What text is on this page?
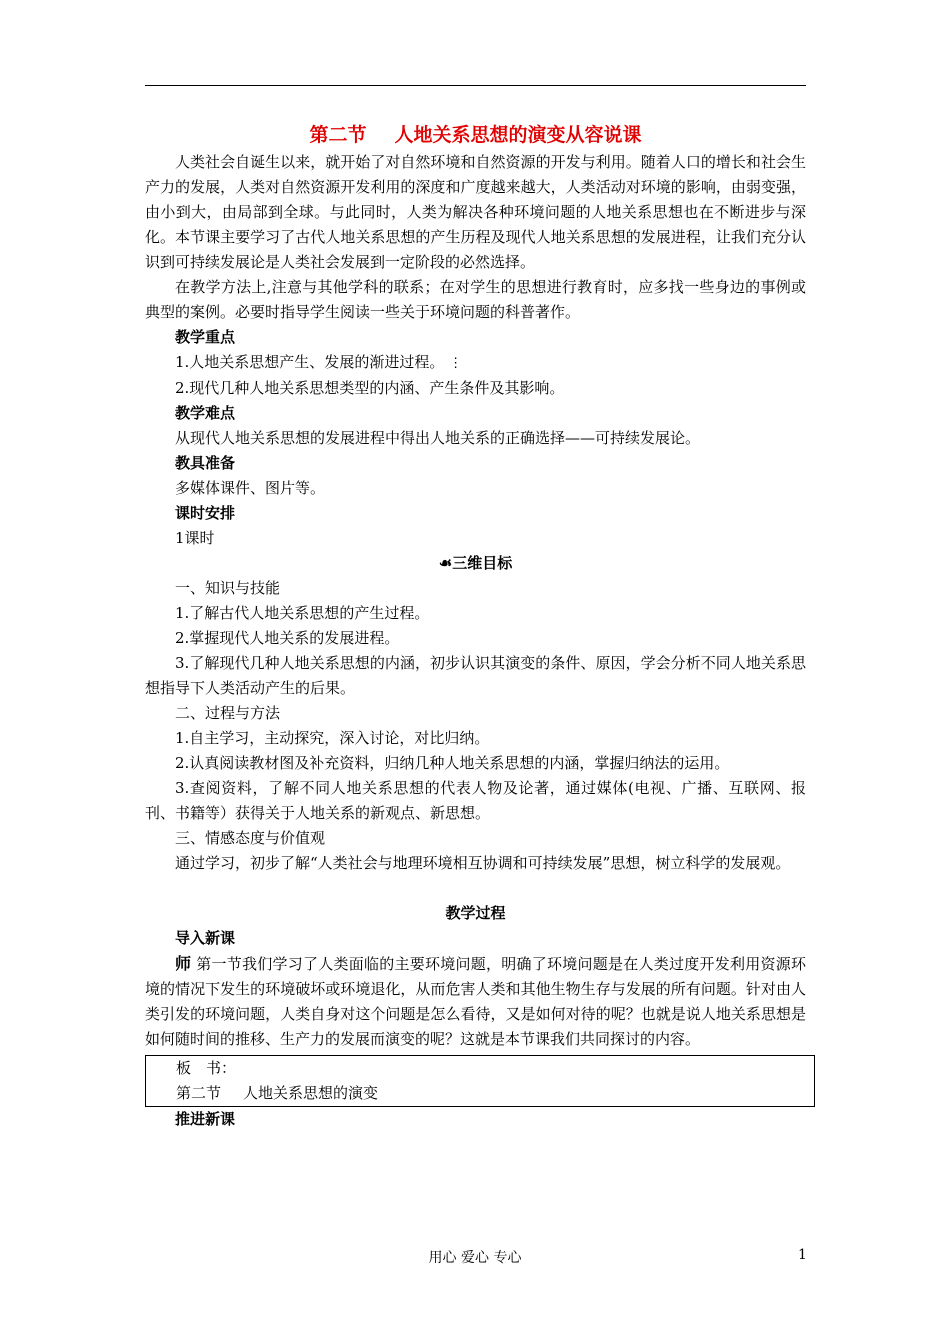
第二节 人地关系思想的演变从容说课

人类社会自诞生以来，就开始了对自然环境和自然资源的开发与利用。随着人口的增长和社会生产力的发展，人类对自然资源开发利用的深度和广度越来越大，人类活动对环境的影响，由弱变强，由小到大，由局部到全球。与此同时，人类为解决各种环境问题的人地关系思想也在不断进步与深化。本节课主要学习了古代人地关系思想的产生历程及现代人地关系思想的发展进程，让我们充分认识到可持续发展论是人类社会发展到一定阶段的必然选择。

在教学方法上,注意与其他学科的联系；在对学生的思想进行教育时，应多找一些身边的事例或典型的案例。必要时指导学生阅读一些关于环境问题的科普著作。

教学重点

1.人地关系思想产生、发展的渐进过程。 ⋮

2.现代几种人地关系思想类型的内涵、产生条件及其影响。

教学难点

从现代人地关系思想的发展进程中得出人地关系的正确选择——可持续发展论。

教具准备

多媒体课件、图片等。

课时安排

1课时

☙三维目标

一、知识与技能

1.了解古代人地关系思想的产生过程。

2.掌握现代人地关系的发展进程。

3.了解现代几种人地关系思想的内涵，初步认识其演变的条件、原因，学会分析不同人地关系思想指导下人类活动产生的后果。

二、过程与方法

1.自主学习，主动探究，深入讨论，对比归纳。

2.认真阅读教材图及补充资料，归纳几种人地关系思想的内涵，掌握归纳法的运用。

3.查阅资料，了解不同人地关系思想的代表人物及论著，通过媒体(电视、广播、互联网、报刊、书籍等）获得关于人地关系的新观点、新思想。

三、情感态度与价值观

通过学习，初步了解“人类社会与地理环境相互协调和可持续发展”思想，树立科学的发展观。

教学过程

导入新课

师 第一节我们学习了人类面临的主要环境问题，明确了环境问题是在人类过度开发利用资源环境的情况下发生的环境破坏或环境退化，从而危害人类和其他生物生存与发展的所有问题。针对由人类引发的环境问题，人类自身对这个问题是怎么看待，又是如何对待的呢？也就是说人地关系思想是如何随时间的推移、生产力的发展而演变的呢？这就是本节课我们共同探讨的内容。

板　书：
第二节 人地关系思想的演变

推进新课

用心 爱心 专心	1
